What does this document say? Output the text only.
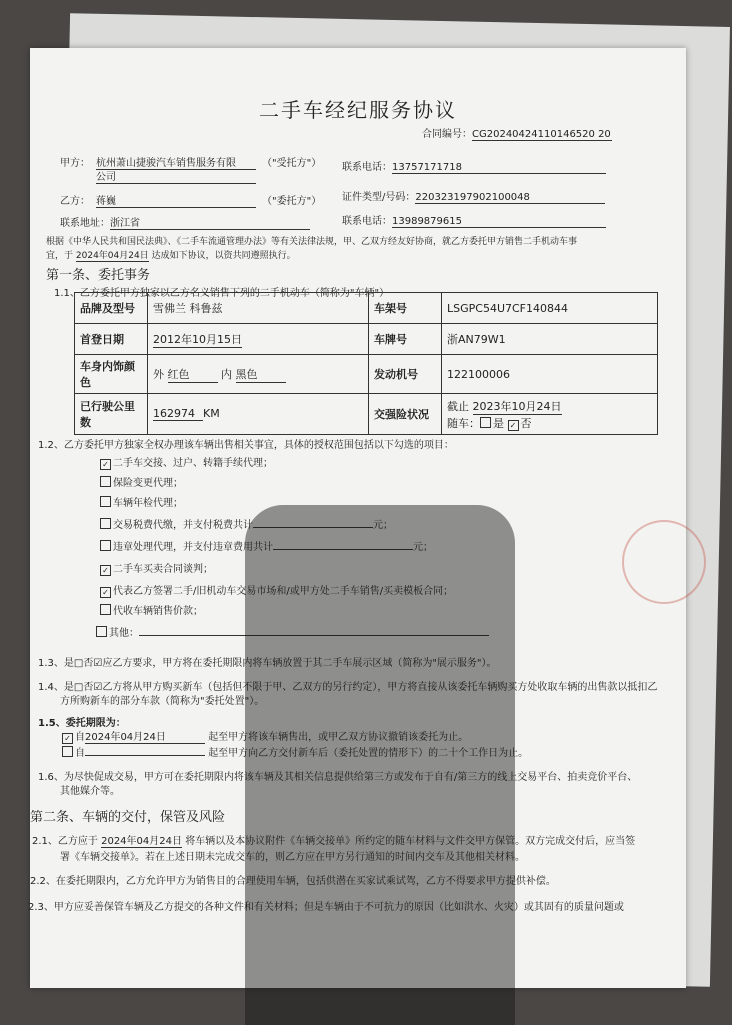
二手车经纪服务协议
合同编号：CG20240424110146520 20
甲方： 杭州萧山捷骏汽车销售服务有限
公司
（"受托方"） 联系电话：13757171718
乙方： 蒋巍	（"委托方"） 证件类型/号码：220323197902100048
联系地址：浙江省	联系电话：13989879615
根据《中华人民共和国民法典》、《二手车流通管理办法》等有关法律法规，甲、乙双方经友好协商，就乙方委托甲方销售二手机动车事
宜，于 2024年04月24日 达成如下协议，以资共同遵照执行。
第一条、委托事务
1.1、乙方委托甲方独家以乙方名义销售下列的二手机动车（简称为"车辆"）
品牌及型号	雪佛兰 科鲁兹	车架号	LSGPC54U7CF140844
首登日期	2012年10月15日	车牌号	浙AN79W1
车身内饰颜色	外 红色 内 黑色	发动机号	122100006
已行驶公里数	162974 KM	交强险状况	截止 2023年10月24日
随车： 是 ✓ 否
1.2、乙方委托甲方独家全权办理该车辆出售相关事宜，具体的授权范围包括以下勾选的项目：
✓ 二手车交接、过户、转籍手续代理；
保险变更代理；
车辆年检代理；
交易税费代缴，并支付税费共计	元；
违章处理代理，并支付违章费用共计	元；
✓ 二手车买卖合同谈判；
✓ 代表乙方签署二手/旧机动车交易市场和/或甲方处二手车销售/买卖模板合同；
代收车辆销售价款；
其他：
1.3、是□否☑应乙方要求，甲方将在委托期限内将车辆放置于其二手车展示区域（简称为"展示服务"）。
1.4、是□否☑乙方将从甲方购买新车（包括但不限于甲、乙双方的另行约定），甲方将直接从该委托车辆购买方处收取车辆的出售款以抵扣乙
方所购新车的部分车款（简称为"委托处置"）。
1.5、委托期限为：
✓ 自2024年04月24日	起至甲方将该车辆售出，或甲乙双方协议撤销该委托为止。
自	起至甲方向乙方交付新车后（委托处置的情形下）的二十个工作日为止。
1.6、为尽快促成交易，甲方可在委托期限内将该车辆及其相关信息提供给第三方或发布于自有/第三方的线上交易平台、拍卖竞价平台、
其他媒介等。
第二条、车辆的交付，保管及风险
2.1、乙方应于 2024年04月24日 将车辆以及本协议附件《车辆交接单》所约定的随车材料与文件交甲方保管。双方完成交付后，应当签
署《车辆交接单》。若在上述日期未完成交车的，则乙方应在甲方另行通知的时间内交车及其他相关材料。
2.2、在委托期限内，乙方允许甲方为销售目的合理使用车辆，包括供潜在买家试乘试驾，乙方不得要求甲方提供补偿。
2.3、甲方应妥善保管车辆及乙方提交的各种文件和有关材料；但是车辆由于不可抗力的原因（比如洪水、火灾）或其固有的质量问题或
